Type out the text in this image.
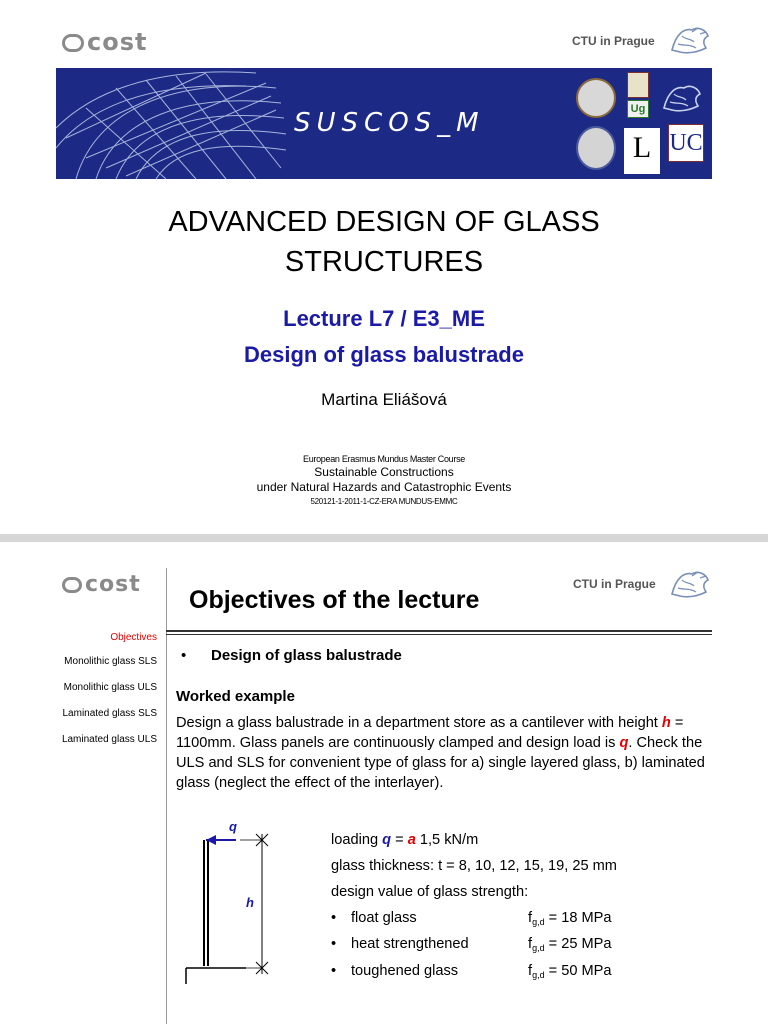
cost	CTU in Prague
SUSCOS_M	Ug
L UC
ADVANCED DESIGN OF GLASS
STRUCTURES
Lecture L7 / E3_ME
Design of glass balustrade
Martina Eliášová
European Erasmus Mundus Master Course
Sustainable Constructions
under Natural Hazards and Catastrophic Events
520121-1-2011-1-CZ-ERA MUNDUS-EMMC
cost	CTU in Prague
Objectives of the lecture
Objectives
Monolithic glass SLS
Monolithic glass ULS
Laminated glass SLS
Laminated glass ULS
• Design of glass balustrade
Worked example
Design a glass balustrade in a department store as a cantilever with height h = 1100mm. Glass panels are continuously clamped and design load is q. Check the ULS and SLS for convenient type of glass for a) single layered glass, b) laminated glass (neglect the effect of the interlayer).
q
h
loading q = a 1,5 kN/m
glass thickness: t = 8, 10, 12, 15, 19, 25 mm
design value of glass strength:
• float glass	$f_{g,d} = 18$ MPa
• heat strengthened	$f_{g,d} = 25$ MPa
• toughened glass	$f_{g,d} = 50$ MPa
